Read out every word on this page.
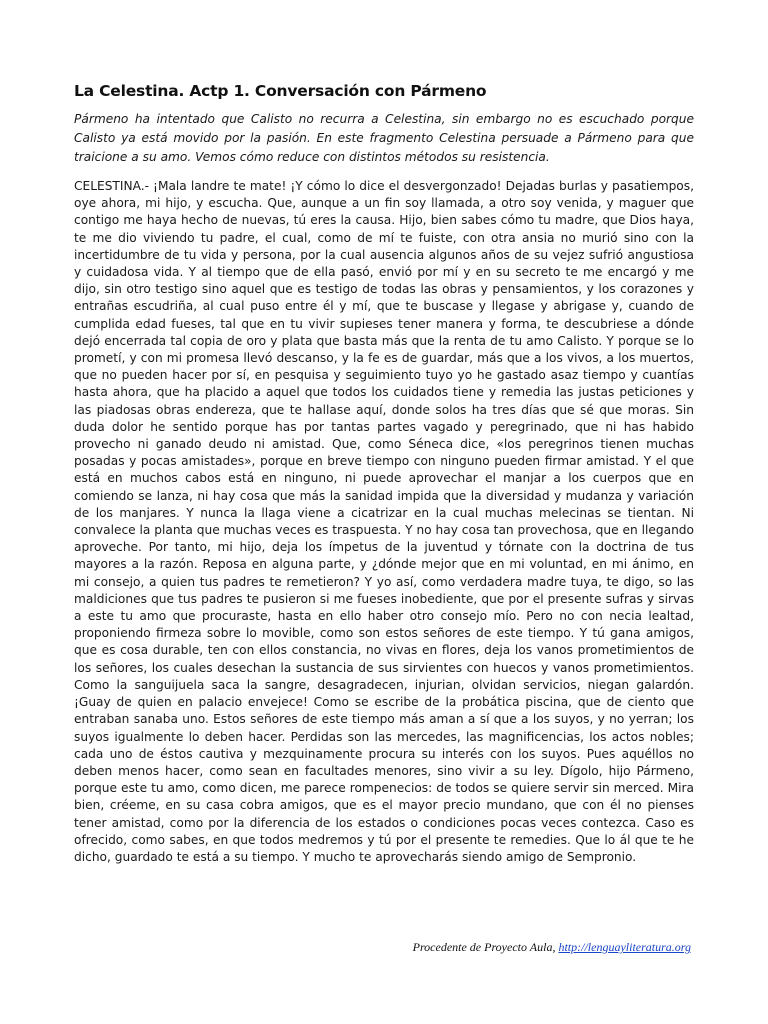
La Celestina. Actp 1. Conversación con Pármeno

Pármeno ha intentado que Calisto no recurra a Celestina, sin embargo no es escuchado porque Calisto ya está movido por la pasión. En este fragmento Celestina persuade a Pármeno para que traicione a su amo. Vemos cómo reduce con distintos métodos su resistencia.

CELESTINA.- ¡Mala landre te mate! ¡Y cómo lo dice el desvergonzado! Dejadas burlas y pasatiempos, oye ahora, mi hijo, y escucha. Que, aunque a un fin soy llamada, a otro soy venida, y maguer que contigo me haya hecho de nuevas, tú eres la causa. Hijo, bien sabes cómo tu madre, que Dios haya, te me dio viviendo tu padre, el cual, como de mí te fuiste, con otra ansia no murió sino con la incertidumbre de tu vida y persona, por la cual ausencia algunos años de su vejez sufrió angustiosa y cuidadosa vida. Y al tiempo que de ella pasó, envió por mí y en su secreto te me encargó y me dijo, sin otro testigo sino aquel que es testigo de todas las obras y pensamientos, y los corazones y entrañas escudriña, al cual puso entre él y mí, que te buscase y llegase y abrigase y, cuando de cumplida edad fueses, tal que en tu vivir supieses tener manera y forma, te descubriese a dónde dejó encerrada tal copia de oro y plata que basta más que la renta de tu amo Calisto. Y porque se lo prometí, y con mi promesa llevó descanso, y la fe es de guardar, más que a los vivos, a los muertos, que no pueden hacer por sí, en pesquisa y seguimiento tuyo yo he gastado asaz tiempo y cuantías hasta ahora, que ha placido a aquel que todos los cuidados tiene y remedia las justas peticiones y las piadosas obras endereza, que te hallase aquí, donde solos ha tres días que sé que moras. Sin duda dolor he sentido porque has por tantas partes vagado y peregrinado, que ni has habido provecho ni ganado deudo ni amistad. Que, como Séneca dice, «los peregrinos tienen muchas posadas y pocas amistades», porque en breve tiempo con ninguno pueden firmar amistad. Y el que está en muchos cabos está en ninguno, ni puede aprovechar el manjar a los cuerpos que en comiendo se lanza, ni hay cosa que más la sanidad impida que la diversidad y mudanza y variación de los manjares. Y nunca la llaga viene a cicatrizar en la cual muchas melecinas se tientan. Ni convalece la planta que muchas veces es traspuesta. Y no hay cosa tan provechosa, que en llegando aproveche. Por tanto, mi hijo, deja los ímpetus de la juventud y tórnate con la doctrina de tus mayores a la razón. Reposa en alguna parte, y ¿dónde mejor que en mi voluntad, en mi ánimo, en mi consejo, a quien tus padres te remetieron? Y yo así, como verdadera madre tuya, te digo, so las maldiciones que tus padres te pusieron si me fueses inobediente, que por el presente sufras y sirvas a este tu amo que procuraste, hasta en ello haber otro consejo mío. Pero no con necia lealtad, proponiendo firmeza sobre lo movible, como son estos señores de este tiempo. Y tú gana amigos, que es cosa durable, ten con ellos constancia, no vivas en flores, deja los vanos prometimientos de los señores, los cuales desechan la sustancia de sus sirvientes con huecos y vanos prometimientos. Como la sanguijuela saca la sangre, desagradecen, injurian, olvidan servicios, niegan galardón. ¡Guay de quien en palacio envejece! Como se escribe de la probática piscina, que de ciento que entraban sanaba uno. Estos señores de este tiempo más aman a sí que a los suyos, y no yerran; los suyos igualmente lo deben hacer. Perdidas son las mercedes, las magnificencias, los actos nobles; cada uno de éstos cautiva y mezquinamente procura su interés con los suyos. Pues aquéllos no deben menos hacer, como sean en facultades menores, sino vivir a su ley. Dígolo, hijo Pármeno, porque este tu amo, como dicen, me parece rompenecios: de todos se quiere servir sin merced. Mira bien, créeme, en su casa cobra amigos, que es el mayor precio mundano, que con él no pienses tener amistad, como por la diferencia de los estados o condiciones pocas veces contezca. Caso es ofrecido, como sabes, en que todos medremos y tú por el presente te remedies. Que lo ál que te he dicho, guardado te está a su tiempo. Y mucho te aprovecharás siendo amigo de Sempronio.

Procedente de Proyecto Aula, http://lenguayliteratura.org
